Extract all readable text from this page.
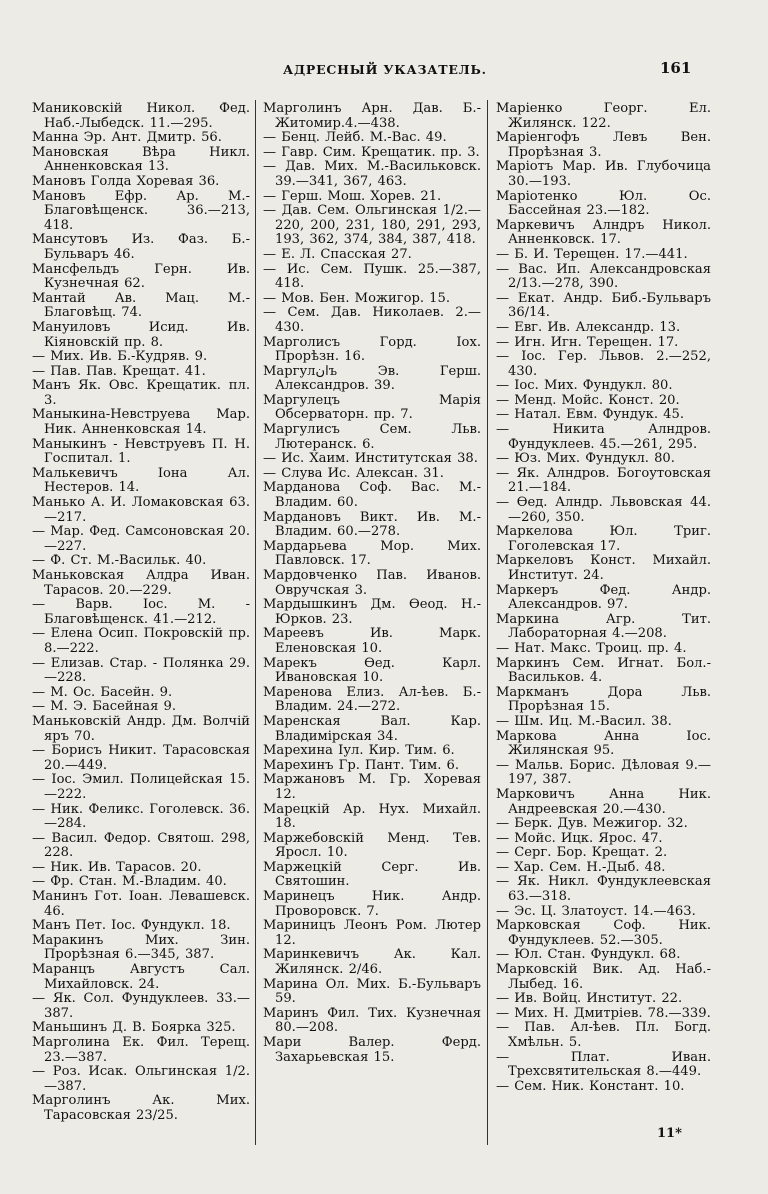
АДРЕСНЫЙ УКАЗАТЕЛЬ.	161
Маниковскій Никол. Фед. Наб.-Лыбедск. 11.—295.
Манна Эр. Ант. Дмитр. 56.
Мановская Вѣра Никл. Анненковская 13.
Мановъ Голда Хоревая 36.
Мановъ Ефр. Ар. М.-Благовѣщенск. 36.—213, 418.
Мансутовъ Из. Фаз. Б.-Бульваръ 46.
Мансфельдъ Герн. Ив. Кузнечная 62.
Мантай Ав. Мац. М.-Благовѣщ. 74.
Мануиловъ Исид. Ив. Кіяновскій пр. 8.
— Мих. Ив. Б.-Кудряв. 9.
— Пав. Пав. Крещат. 41.
Манъ Як. Овс. Крещатик. пл. 3.
Маныкина-Невструева Мар. Ник. Анненковская 14.
Маныкинъ - Невструевъ П. Н. Госпитал. 1.
Малькевичъ Іона Ал. Нестеров. 14.
Манько А. И. Ломаковская 63.—217.
— Мар. Фед. Самсоновская 20.—227.
— Ф. Ст. М.-Васильк. 40.
Маньковская Алдра Иван. Тарасов. 20.—229.
— Варв. Іос. М. - Благовѣщенск. 41.—212.
— Елена Осип. Покровскій пр. 8.—222.
— Елизав. Стар. - Полянка 29.—228.
— М. Ос. Басейн. 9.
— М. Э. Басейная 9.
Маньковскій Андр. Дм. Волчій яръ 70.
— Борисъ Никит. Тарасовская 20.—449.
— Іос. Эмил. Полицейская 15.—222.
— Ник. Феликс. Гоголевск. 36.—284.
— Васил. Федор. Святош. 298, 228.
— Ник. Ив. Тарасов. 20.
— Фр. Стан. М.-Владим. 40.
Манинъ Гот. Іоан. Левашевск. 46.
Манъ Пет. Іос. Фундукл. 18.
Маракинъ Мих. Зин. Прорѣзная 6.—345, 387.
Маранцъ Августъ Сал. Михайловск. 24.
— Як. Сол. Фундуклеев. 33.—387.
Маньшинъ Д. В. Боярка 325.
Марголина Ек. Фил. Терещ. 23.—387.
— Роз. Исак. Ольгинская 1/2.—387.
Марголинъ Ак. Мих. Тарасовская 23/25.
Марголинъ Арн. Дав. Б.-Житомир.4.—438.
— Бенц. Лейб. М.-Вас. 49.
— Гавр. Сим. Крещатик. пр. 3.
— Дав. Мих. М.-Васильковск. 39.—341, 367, 463.
— Герш. Мош. Хорев. 21.
— Дав. Сем. Ольгинская 1/2.—220, 200, 231, 180, 291, 293, 193, 362, 374, 384, 387, 418.
— Е. Л. Спасская 27.
— Ис. Сем. Пушк. 25.—387, 418.
— Мов. Бен. Можигор. 15.
— Сем. Дав. Николаев. 2.—430.
Марголисъ Горд. Іох. Прорѣзн. 16.
Маргулانъ Эв. Герш. Александров. 39.
Маргулецъ Марія Обсерваторн. пр. 7.
Маргулисъ Сем. Льв. Лютеранск. 6.
— Ис. Хаим. Институтская 38.
— Слува Ис. Алексан. 31.
Марданова Соф. Вас. М.-Владим. 60.
Мардановъ Викт. Ив. М.-Владим. 60.—278.
Мардарьева Мор. Мих. Павловск. 17.
Мардовченко Пав. Иванов. Овручская 3.
Мардышкинъ Дм. Ѳеод. Н.-Юрков. 23.
Мареевъ Ив. Марк. Еленовская 10.
Марекъ Ѳед. Карл. Ивановская 10.
Маренова Елиз. Ал-ѣев. Б.-Владим. 24.—272.
Маренская Вал. Кар. Владимірская 34.
Марехина Іул. Кир. Тим. 6.
Марехинъ Гр. Пант. Тим. 6.
Маржановъ М. Гр. Хоревая 12.
Марецкій Ар. Нух. Михайл. 18.
Маржебовскій Менд. Тев. Яросл. 10.
Маржецкій Серг. Ив. Святошин.
Маринецъ Ник. Андр. Проворовск. 7.
Мариницъ Леонъ Ром. Лютер 12.
Маринкевичъ Ак. Кал. Жилянск. 2/46.
Марина Ол. Мих. Б.-Бульваръ 59.
Маринъ Фил. Тих. Кузнечная 80.—208.
Мари Валер. Ферд. Захарьевская 15.
Маріенко Георг. Ел. Жилянск. 122.
Маріенгофъ Левъ Вен. Прорѣзная 3.
Маріотъ Мар. Ив. Глубочица 30.—193.
Маріотенко Юл. Ос. Бассейная 23.—182.
Маркевичъ Алндръ Никол. Анненковск. 17.
— Б. И. Терещен. 17.—441.
— Вас. Ип. Александровская 2/13.—278, 390.
— Екат. Андр. Биб.-Бульваръ 36/14.
— Евг. Ив. Александр. 13.
— Игн. Игн. Терещен. 17.
— Іос. Гер. Львов. 2.—252, 430.
— Іос. Мих. Фундукл. 80.
— Менд. Мойс. Конст. 20.
— Натал. Евм. Фундук. 45.
— Никита Алндров. Фундуклеев. 45.—261, 295.
— Юз. Мих. Фундукл. 80.
— Як. Алндров. Богоутовская 21.—184.
— Ѳед. Алндр. Львовская 44.—260, 350.
Маркелова Юл. Триг. Гоголевская 17.
Маркеловъ Конст. Михайл. Институт. 24.
Маркеръ Фед. Андр. Александров. 97.
Маркина Агр. Тит. Лабораторная 4.—208.
— Нат. Макс. Троиц. пр. 4.
Маркинъ Сем. Игнат. Бол.-Васильков. 4.
Маркманъ Дора Льв. Прорѣзная 15.
— Шм. Иц. М.-Васил. 38.
Маркова Анна Іос. Жилянская 95.
— Мальв. Борис. Дѣловая 9.—197, 387.
Марковичъ Анна Ник. Андреевская 20.—430.
— Берк. Дув. Межигор. 32.
— Мойс. Ицк. Ярос. 47.
— Серг. Бор. Крещат. 2.
— Хар. Сем. Н.-Дыб. 48.
— Як. Никл. Фундуклеевская 63.—318.
— Эс. Ц. Златоуст. 14.—463.
Марковская Соф. Ник. Фундуклеев. 52.—305.
— Юл. Стан. Фундукл. 68.
Марковскій Вик. Ад. Наб.-Лыбед. 16.
— Ив. Войц. Институт. 22.
— Мих. Н. Дмитріев. 78.—339.
— Пав. Ал-ѣев. Пл. Богд. Хмѣльн. 5.
— Плат. Иван. Трехсвятительская 8.—449.
— Сем. Ник. Констант. 10.
11*
